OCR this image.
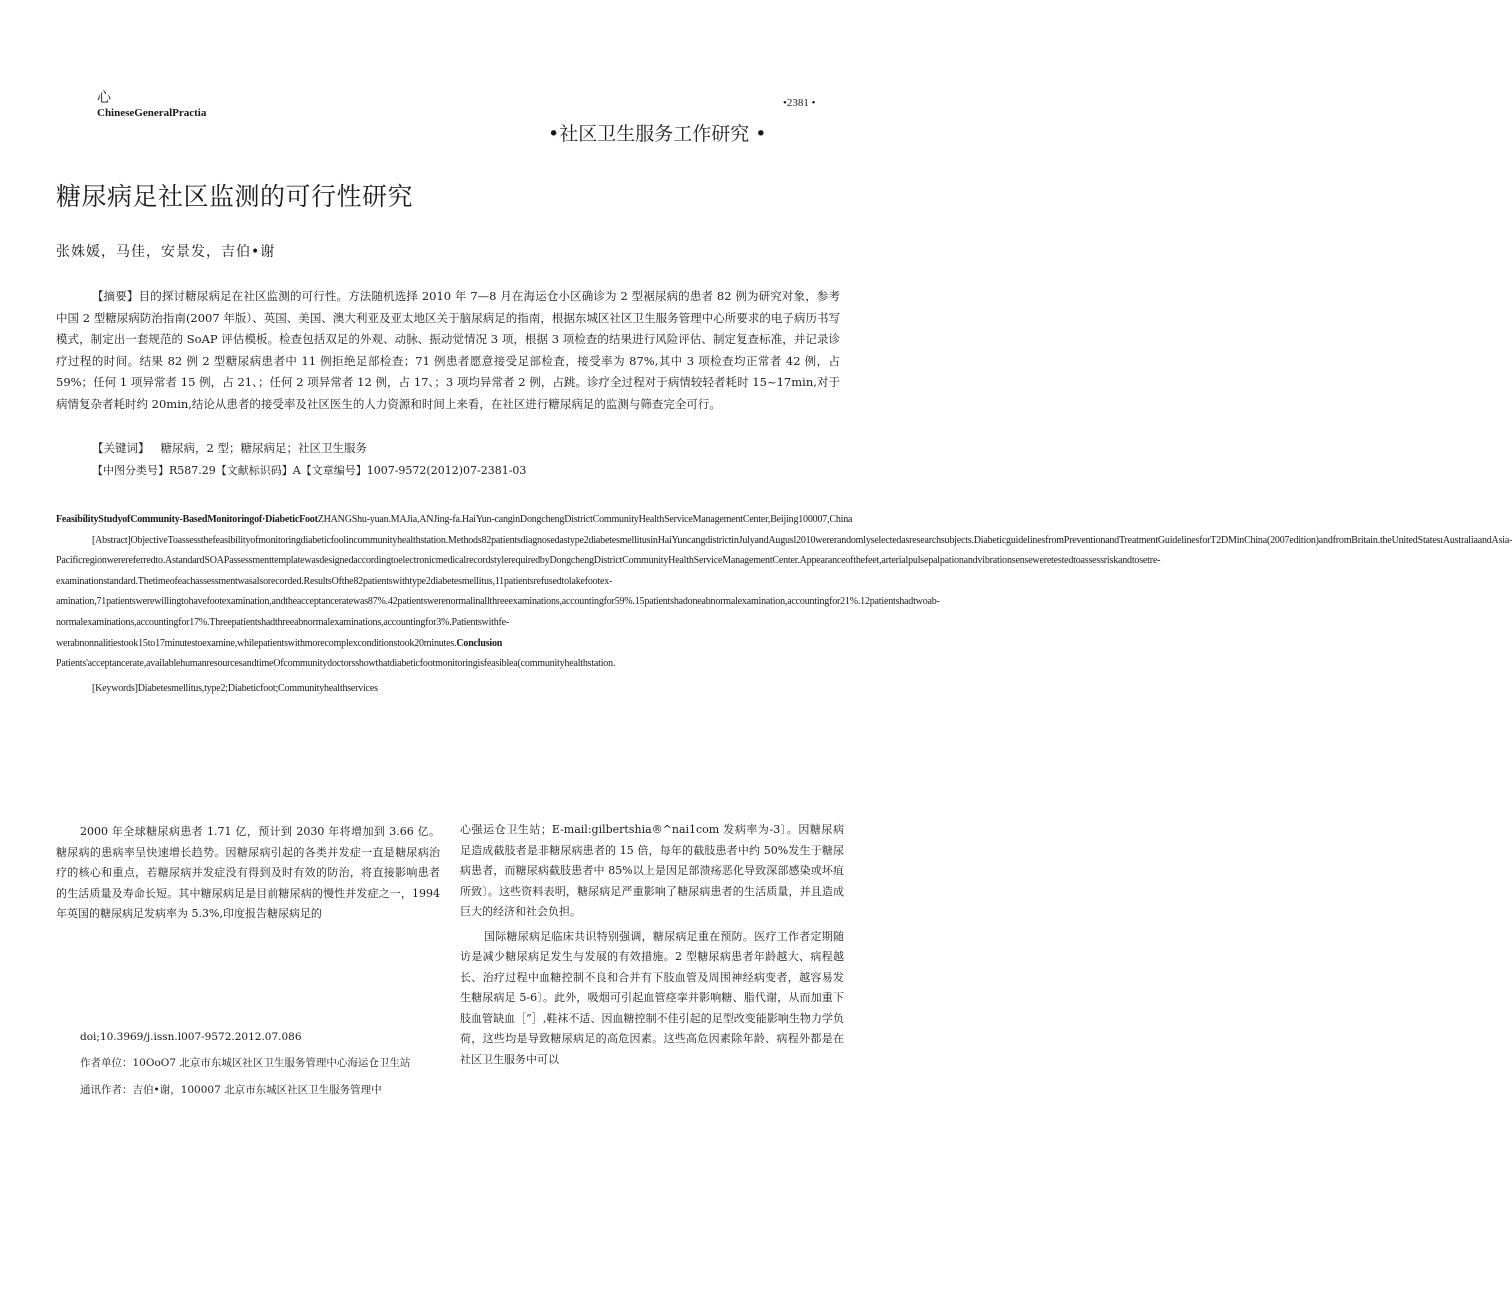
心
ChineseGeneralPractia
•2381 •
•社区卫生服务工作研究 •
糖尿病足社区监测的可行性研究
张姝媛，马佳，安景发，吉伯•谢
【摘要】目的探讨糖尿病足在社区监测的可行性。方法随机选择 2010 年 7—8 月在海运仓小区确诊为 2 型裾尿病的患者 82 例为研究对象，参考中国 2 型糖尿病防治指南(2007 年版）、英国、美国、澳大利亚及亚太地区关于脑尿病足的指南，根据东城区社区卫生服务管理中心所要求的电子病历书写模式，制定出一套规范的 SoAP 评估模板。检查包括双足的外观、动脉、振动觉情况 3 项，根据 3 项检查的结果进行风险评估、制定复查标准，并记录诊疗过程的时间。结果 82 例 2 型糖尿病患者中 11 例拒绝足部检查；71 例患者愿意接受足部检査，接受率为 87%,其中 3 项检查均正常者 42 例，占 59%；任何 1 项异常者 15 例，占 21、；任何 2 项异常者 12 例，占 17、；3 项均异常者 2 例，占跳。诊疗全过程对于病情较轻者耗时 15~17min,对于病情复杂者耗时约 20min,结论从患者的接受率及社区医生的人力资源和时间上来看，在社区进行糖尿病足的监测与筛查完全可行。
【关键词】 糖尿病，2 型；糖尿病足；社区卫生服务
【中图分类号】R587.29【文献标识码】A【文章编号】1007-9572(2012)07-2381-03

FeasibilityStudyofCommunity-BasedMonitoringof·DiabeticFootZHANGShu-yuan.MAJia,ANJing-fa.HaiYun-canginDongchengDistrictCommunityHealthServiceManagementCenter,Beijing100007,China

[Abstract]ObjectiveToassessthefeasibilityofmonitoringdiabeticfoolincommunityhealthstation.Methods82patientsdiagnosedastype2diabetesmellitusinHaiYuncangdistrictinJulyandAugusl2010wererandomlyselectedasresearchsubjects.DiabeticguidelinesfromPreventionandTreatmentGuidelinesforT2DMinChina(2007edition)andfromBritain.theUnitedStatesıAustraliaandAsia-Pacificregionwerereferredto.AstandardSOAPassessmenttemplatewasdesignedaccordingtoelectronicmedicalrecordstylerequiredbyDongchengDistrictCommunityHealthServiceManagementCenter.Appearanceofthefeet,arterialpulsepalpationandvibrationsenseweretestedtoassessriskandtosetre-examinationstandard.Thetimeofeachassessmentwasalsorecorded.ResultsOfthe82patientswithtype2diabetesmellitus,11patientsrefusedtolakefootex-amination,71patientswerewillingtohavefootexamination,andtheacceptanceratewas87%.42patientswerenormalinallthreeexaminations,accountingfor59%.15patientshadoneabnormalexamination,accountingfor21%.12patientshadtwoab-normalexaminations,accountingfor17%.Threepatientshadthreeabnormalexaminations,accountingfor3%.Patientswithfe-werabnonnalitiestook15to17minutestoexamine,whilepatientswithmorecomplexconditionstook20minutes.Conclusion

Patients'acceptancerate,availablehumanresourcesandtimeOfcommunitydoctorsshowthatdiabeticfootmonitoringisfeasiblea(communityhealthstation.

[Keywords]Diabetesmellitus,type2;Diabeticfoot;Communityhealthservices

2000 年全球糖尿病患者 1.71 亿，预计到 2030 年将增加到 3.66 亿。糖尿病的患病率呈快速增长趋势。因糖尿病引起的各类并发症一直是糖尿病治疗的核心和重点，若糖尿病并发症没有得到及时有效的防治，将直接影响患者的生活质量及寿命长短。其中糖尿病足是目前糖尿病的慢性并发症之一，1994 年英国的糖尿病足发病率为 5.3%,印度报告糖尿病足的

doi;10.3969/j.issn.l007-9572.2012.07.086

作者单位：10OoO7 北京市东城区社区卫生服务管理中心海运仓卫生站

通讯作者：吉伯•谢，100007 北京市东城区社区卫生服务管理中

心强运仓卫生站；E-mail:gilbertshia®^nai1com 发病率为-3〕。因糖尿病足造成截肢者是非糖尿病患者的 15 倍，每年的截肢患者中约 50%发生于糖尿病患者，而糖尿病截肢患者中 85%以上是因足部溃疡恶化导致深部感染或坏疽所致〕。这些资料表明，糖尿病足严重影响了糖尿病患者的生活质量，并且造成巨大的经济和社会负担。

国际糖尿病足临床共识特别强调，糖尿病足重在预防。医疗工作者定期随访是减少糖尿病足发生与发展的有效措施。2 型糖尿病患者年龄越大、病程越长、治疗过程中血糖控制不良和合并有下肢血管及周围神经病变者，越容易发生糖尿病足 5-6〕。此外，吸烟可引起血管痉挛并影响糖、脂代谢，从而加重下肢血管缺血［”］,鞋袜不适、因血糖控制不佳引起的足型改变能影响生物力学负荷，这些均是导致糖尿病足的高危因素。这些高危因素除年龄、病程外都是在社区卫生服务中可以
